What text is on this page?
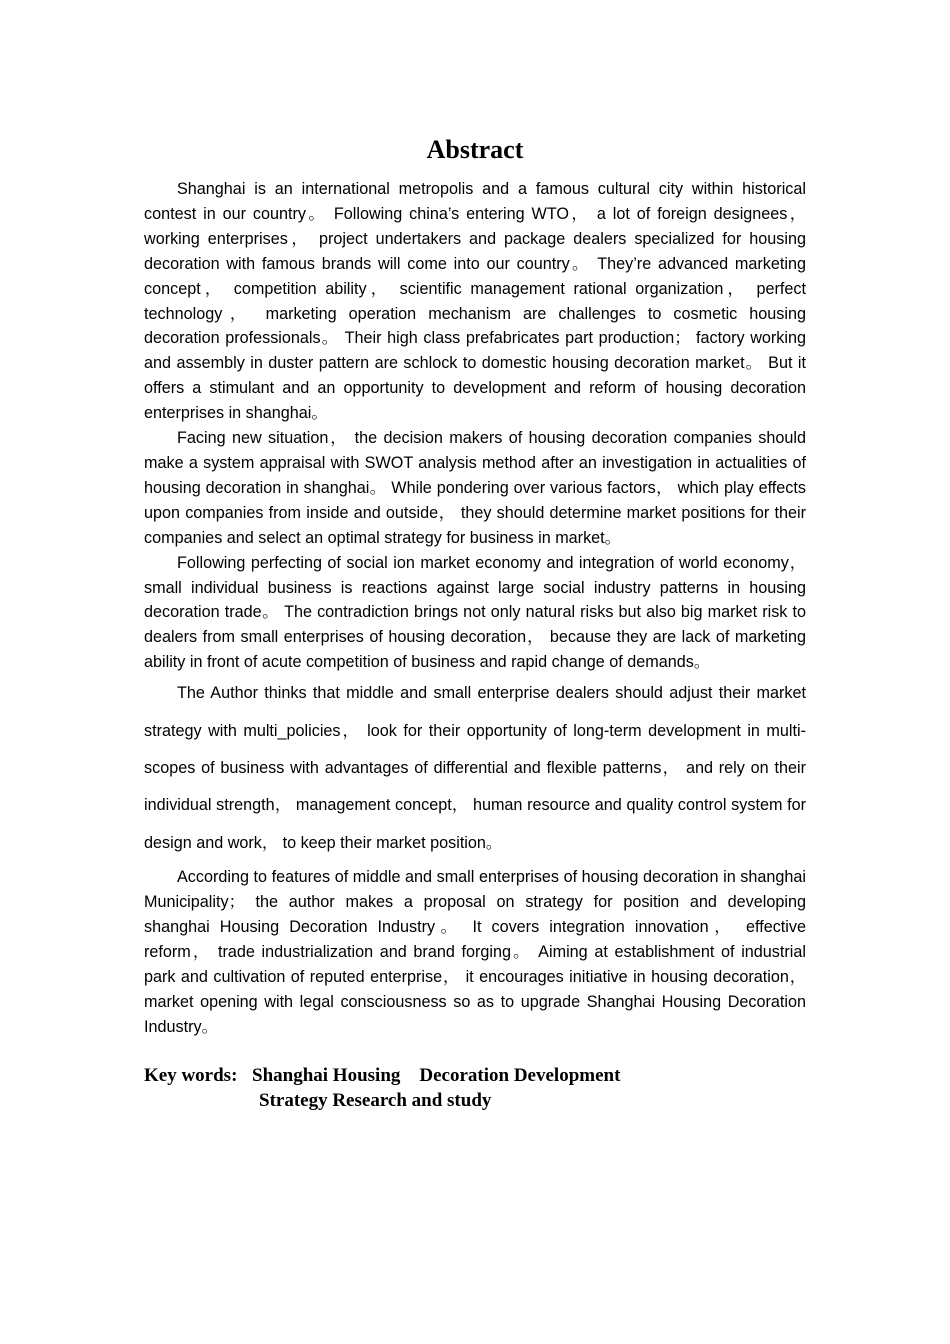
Abstract

Shanghai is an international metropolis and a famous cultural city within historical contest in our country。 Following china’s entering WTO， a lot of foreign designees， working enterprises， project undertakers and package dealers specialized for housing decoration with famous brands will come into our country。 They’re advanced marketing concept， competition ability， scientific management rational organization， perfect technology， marketing operation mechanism are challenges to cosmetic housing decoration professionals。 Their high class prefabricates part production； factory working and assembly in duster pattern are schlock to domestic housing decoration market。 But it offers a stimulant and an opportunity to development and reform of housing decoration enterprises in shanghai。

Facing new situation， the decision makers of housing decoration companies should make a system appraisal with SWOT analysis method after an investigation in actualities of housing decoration in shanghai。 While pondering over various factors， which play effects upon companies from inside and outside， they should determine market positions for their companies and select an optimal strategy for business in market。

Following perfecting of social ion market economy and integration of world economy， small individual business is reactions against large social industry patterns in housing decoration trade。 The contradiction brings not only natural risks but also big market risk to dealers from small enterprises of housing decoration， because they are lack of marketing ability in front of acute competition of business and rapid change of demands。

The Author thinks that middle and small enterprise dealers should adjust their market strategy with multi_policies， look for their opportunity of long-term development in multi-scopes of business with advantages of differential and flexible patterns， and rely on their individual strength， management concept， human resource and quality control system for design and work， to keep their market position。

According to features of middle and small enterprises of housing decoration in shanghai Municipality； the author makes a proposal on strategy for position and developing shanghai Housing Decoration Industry。 It covers integration innovation， effective reform， trade industrialization and brand forging。 Aiming at establishment of industrial park and cultivation of reputed enterprise， it encourages initiative in housing decoration， market opening with legal consciousness so as to upgrade Shanghai Housing Decoration Industry。

Key words: Shanghai Housing    Decoration Development
Strategy Research and study
